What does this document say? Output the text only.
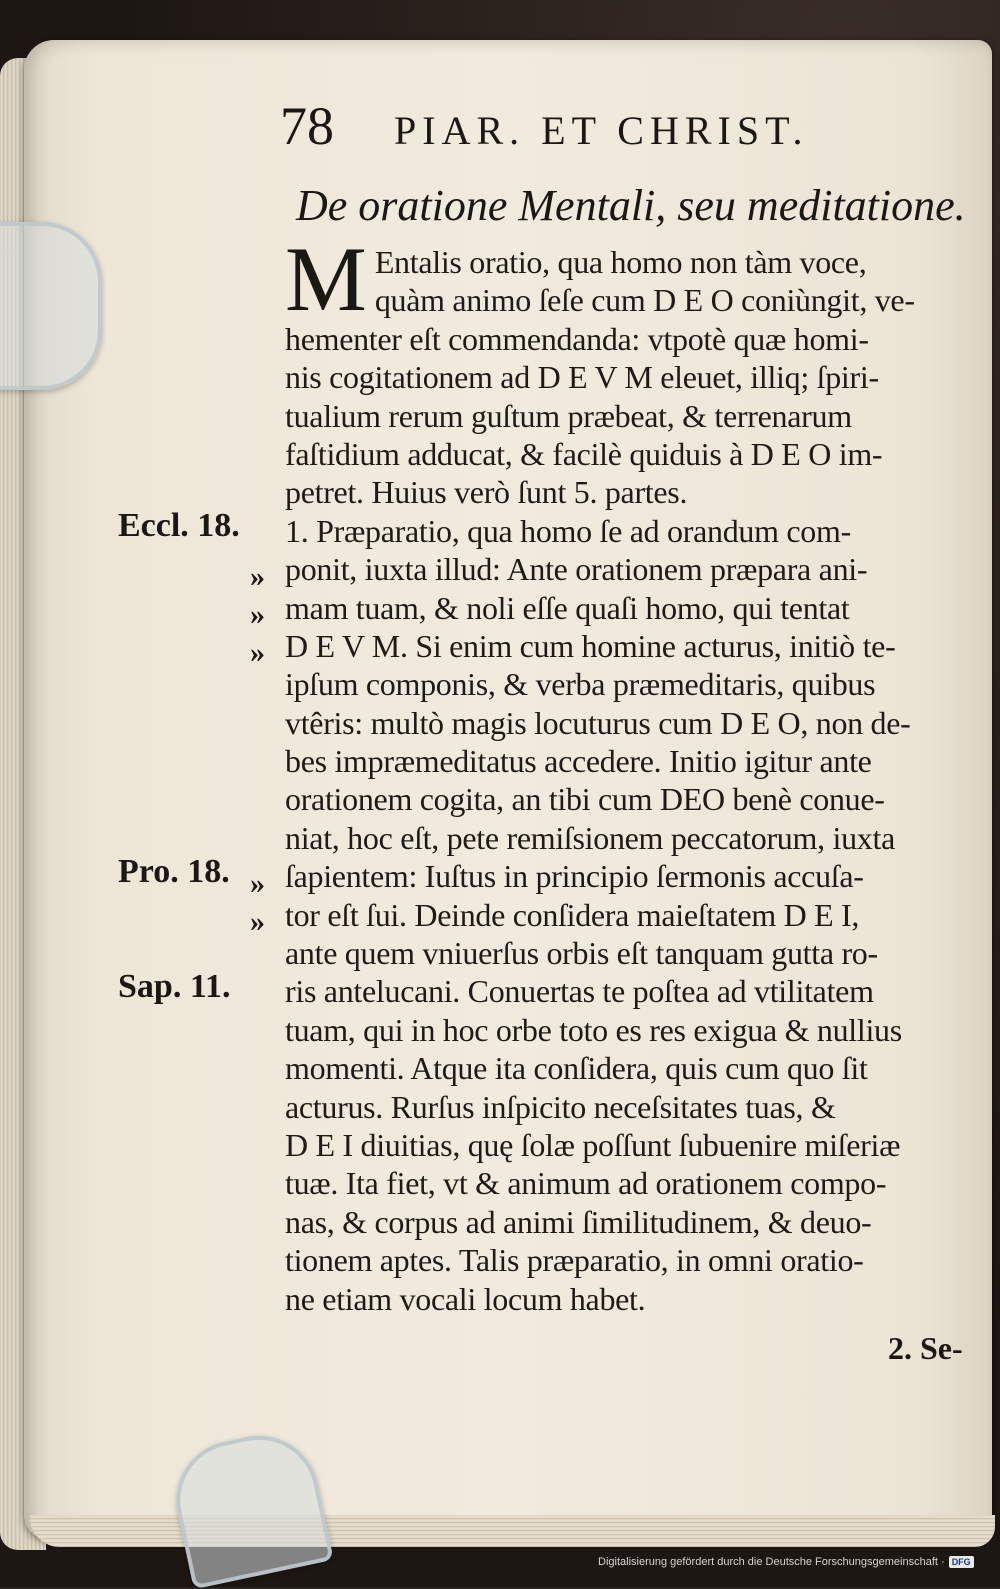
78 PIAR. ET CHRIST.
De oratione Mentali, seu meditatione.
M Entalis oratio, qua homo non tàm voce,
quàm animo ſeſe cum D E O coniùngit, ve-
hementer eſt commendanda: vtpotè quæ homi-
nis cogitationem ad D E V M eleuet, illiq; ſpiri-
tualium rerum guſtum præbeat, & terrenarum
faſtidium adducat, & facilè quiduis à D E O im-
petret. Huius verò ſunt 5. partes.
1. Præparatio, qua homo ſe ad orandum com-
ponit, iuxta illud: Ante orationem præpara ani-
mam tuam, & noli eſſe quaſi homo, qui tentat
D E V M. Si enim cum homine acturus, initiò te-
ipſum componis, & verba præmeditaris, quibus
vtêris: multò magis locuturus cum D E O, non de-
bes impræmeditatus accedere. Initio igitur ante
orationem cogita, an tibi cum DEO benè conue-
niat, hoc eſt, pete remiſsionem peccatorum, iuxta
ſapientem: Iuſtus in principio ſermonis accuſa-
tor eſt ſui. Deinde conſidera maieſtatem D E I,
ante quem vniuerſus orbis eſt tanquam gutta ro-
ris antelucani. Conuertas te poſtea ad vtilitatem
tuam, qui in hoc orbe toto es res exigua & nullius
momenti. Atque ita conſidera, quis cum quo ſit
acturus. Rurſus inſpicito neceſsitates tuas, &
D E I diuitias, quę ſolæ poſſunt ſubuenire miſeriæ
tuæ. Ita fiet, vt & animum ad orationem compo-
nas, & corpus ad animi ſimilitudinem, & deuo-
tionem aptes. Talis præparatio, in omni oratio-
ne etiam vocali locum habet.
Eccl. 18.
Pro. 18.
Sap. 11.
»
»
»
»
»
2. Se-
Digitalisierung gefördert durch die Deutsche Forschungsgemeinschaft · DFG
